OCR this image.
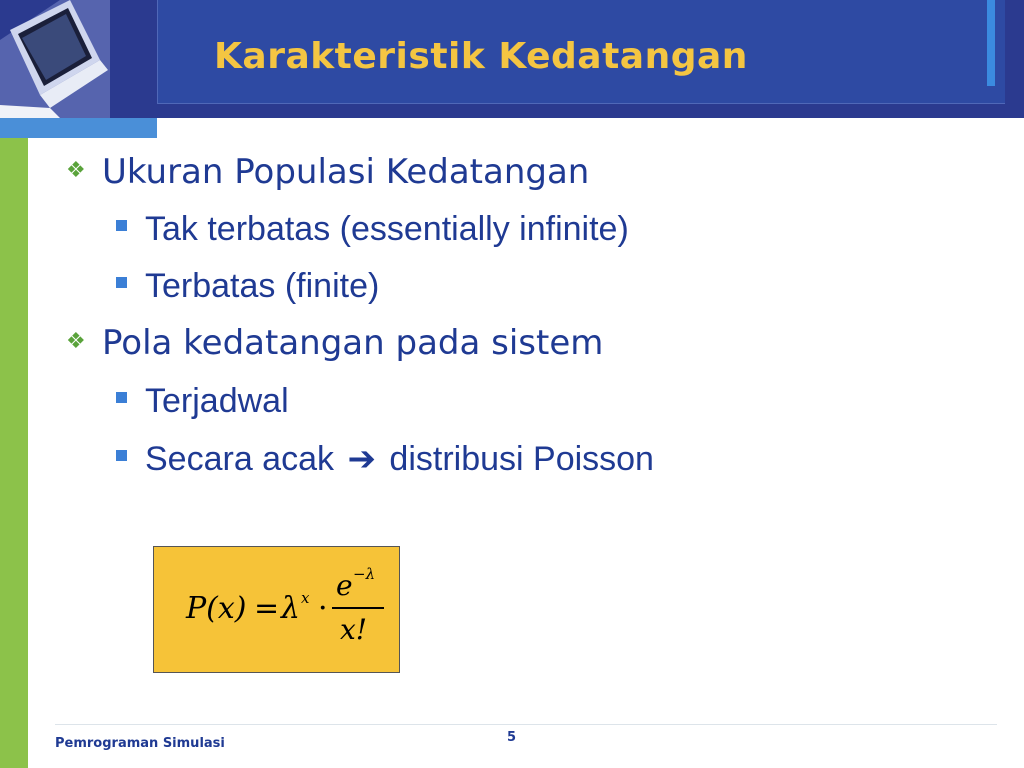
Karakteristik Kedatangan
❖ Ukuran Populasi Kedatangan
Tak terbatas (essentially infinite)
Terbatas (finite)
❖ Pola kedatangan pada sistem
Terjadwal
Secara acak ➔ distribusi Poisson
P(x) = λ x ·
e −λ
x!
Pemrograman Simulasi	5
